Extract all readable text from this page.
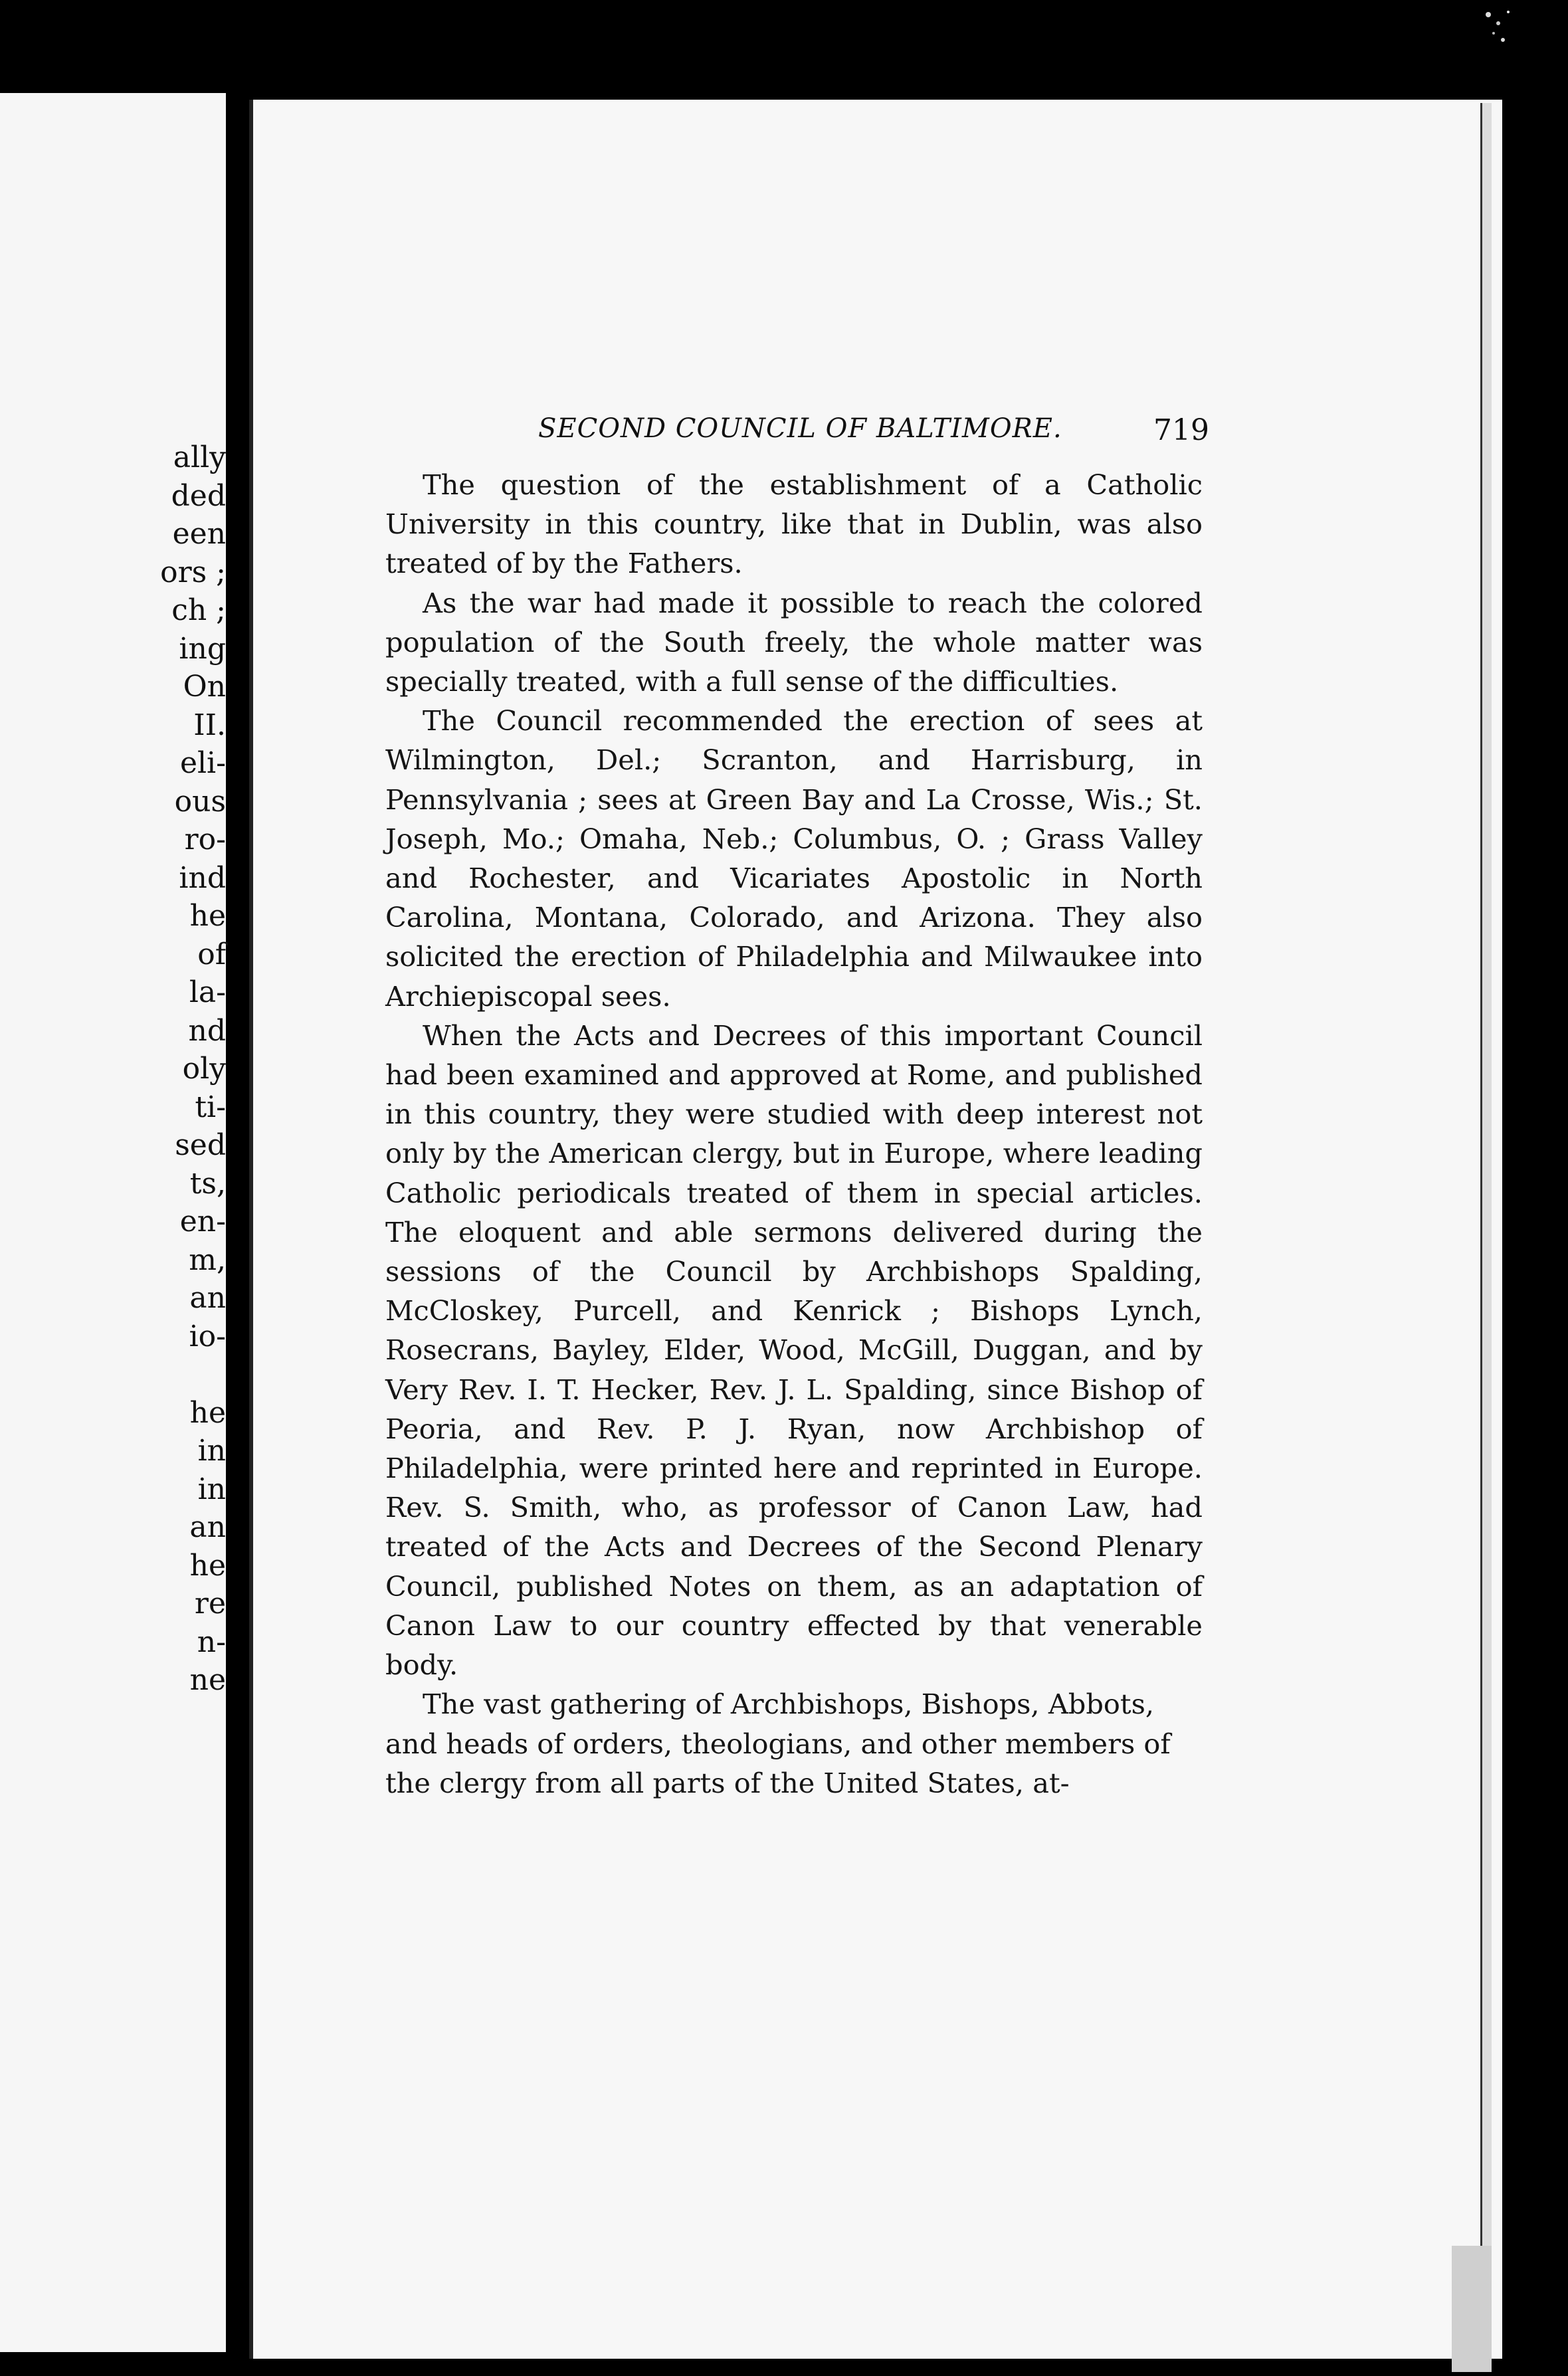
ally
ded
een
ors ;
ch ;
ing
On
II.
eli-
ous
ro-
ind
he
of
la-
nd
oly
ti-
sed
ts,
en-
m,
an
io-
he
in
in
an
he
re
n-
ne
SECOND COUNCIL OF BALTIMORE.	719

The question of the establishment of a Catholic University in this country, like that in Dublin, was also treated of by the Fathers.

As the war had made it possible to reach the colored population of the South freely, the whole matter was specially treated, with a full sense of the difficulties.

The Council recommended the erection of sees at Wilmington, Del.; Scranton, and Harrisburg, in Pennsylvania ; sees at Green Bay and La Crosse, Wis.; St. Joseph, Mo.; Omaha, Neb.; Columbus, O. ; Grass Valley and Rochester, and Vicariates Apostolic in North Carolina, Montana, Colorado, and Arizona. They also solicited the erection of Philadelphia and Milwaukee into Archiepiscopal sees.

When the Acts and Decrees of this important Council had been examined and approved at Rome, and published in this country, they were studied with deep interest not only by the American clergy, but in Europe, where leading Catholic periodicals treated of them in special articles. The eloquent and able sermons delivered during the sessions of the Council by Archbishops Spalding, McCloskey, Purcell, and Kenrick ; Bishops Lynch, Rosecrans, Bayley, Elder, Wood, McGill, Duggan, and by Very Rev. I. T. Hecker, Rev. J. L. Spalding, since Bishop of Peoria, and Rev. P. J. Ryan, now Archbishop of Philadelphia, were printed here and reprinted in Europe. Rev. S. Smith, who, as professor of Canon Law, had treated of the Acts and Decrees of the Second Plenary Council, published Notes on them, as an adaptation of Canon Law to our country effected by that venerable body.

The vast gathering of Archbishops, Bishops, Abbots, and heads of orders, theologians, and other members of the clergy from all parts of the United States, at-
